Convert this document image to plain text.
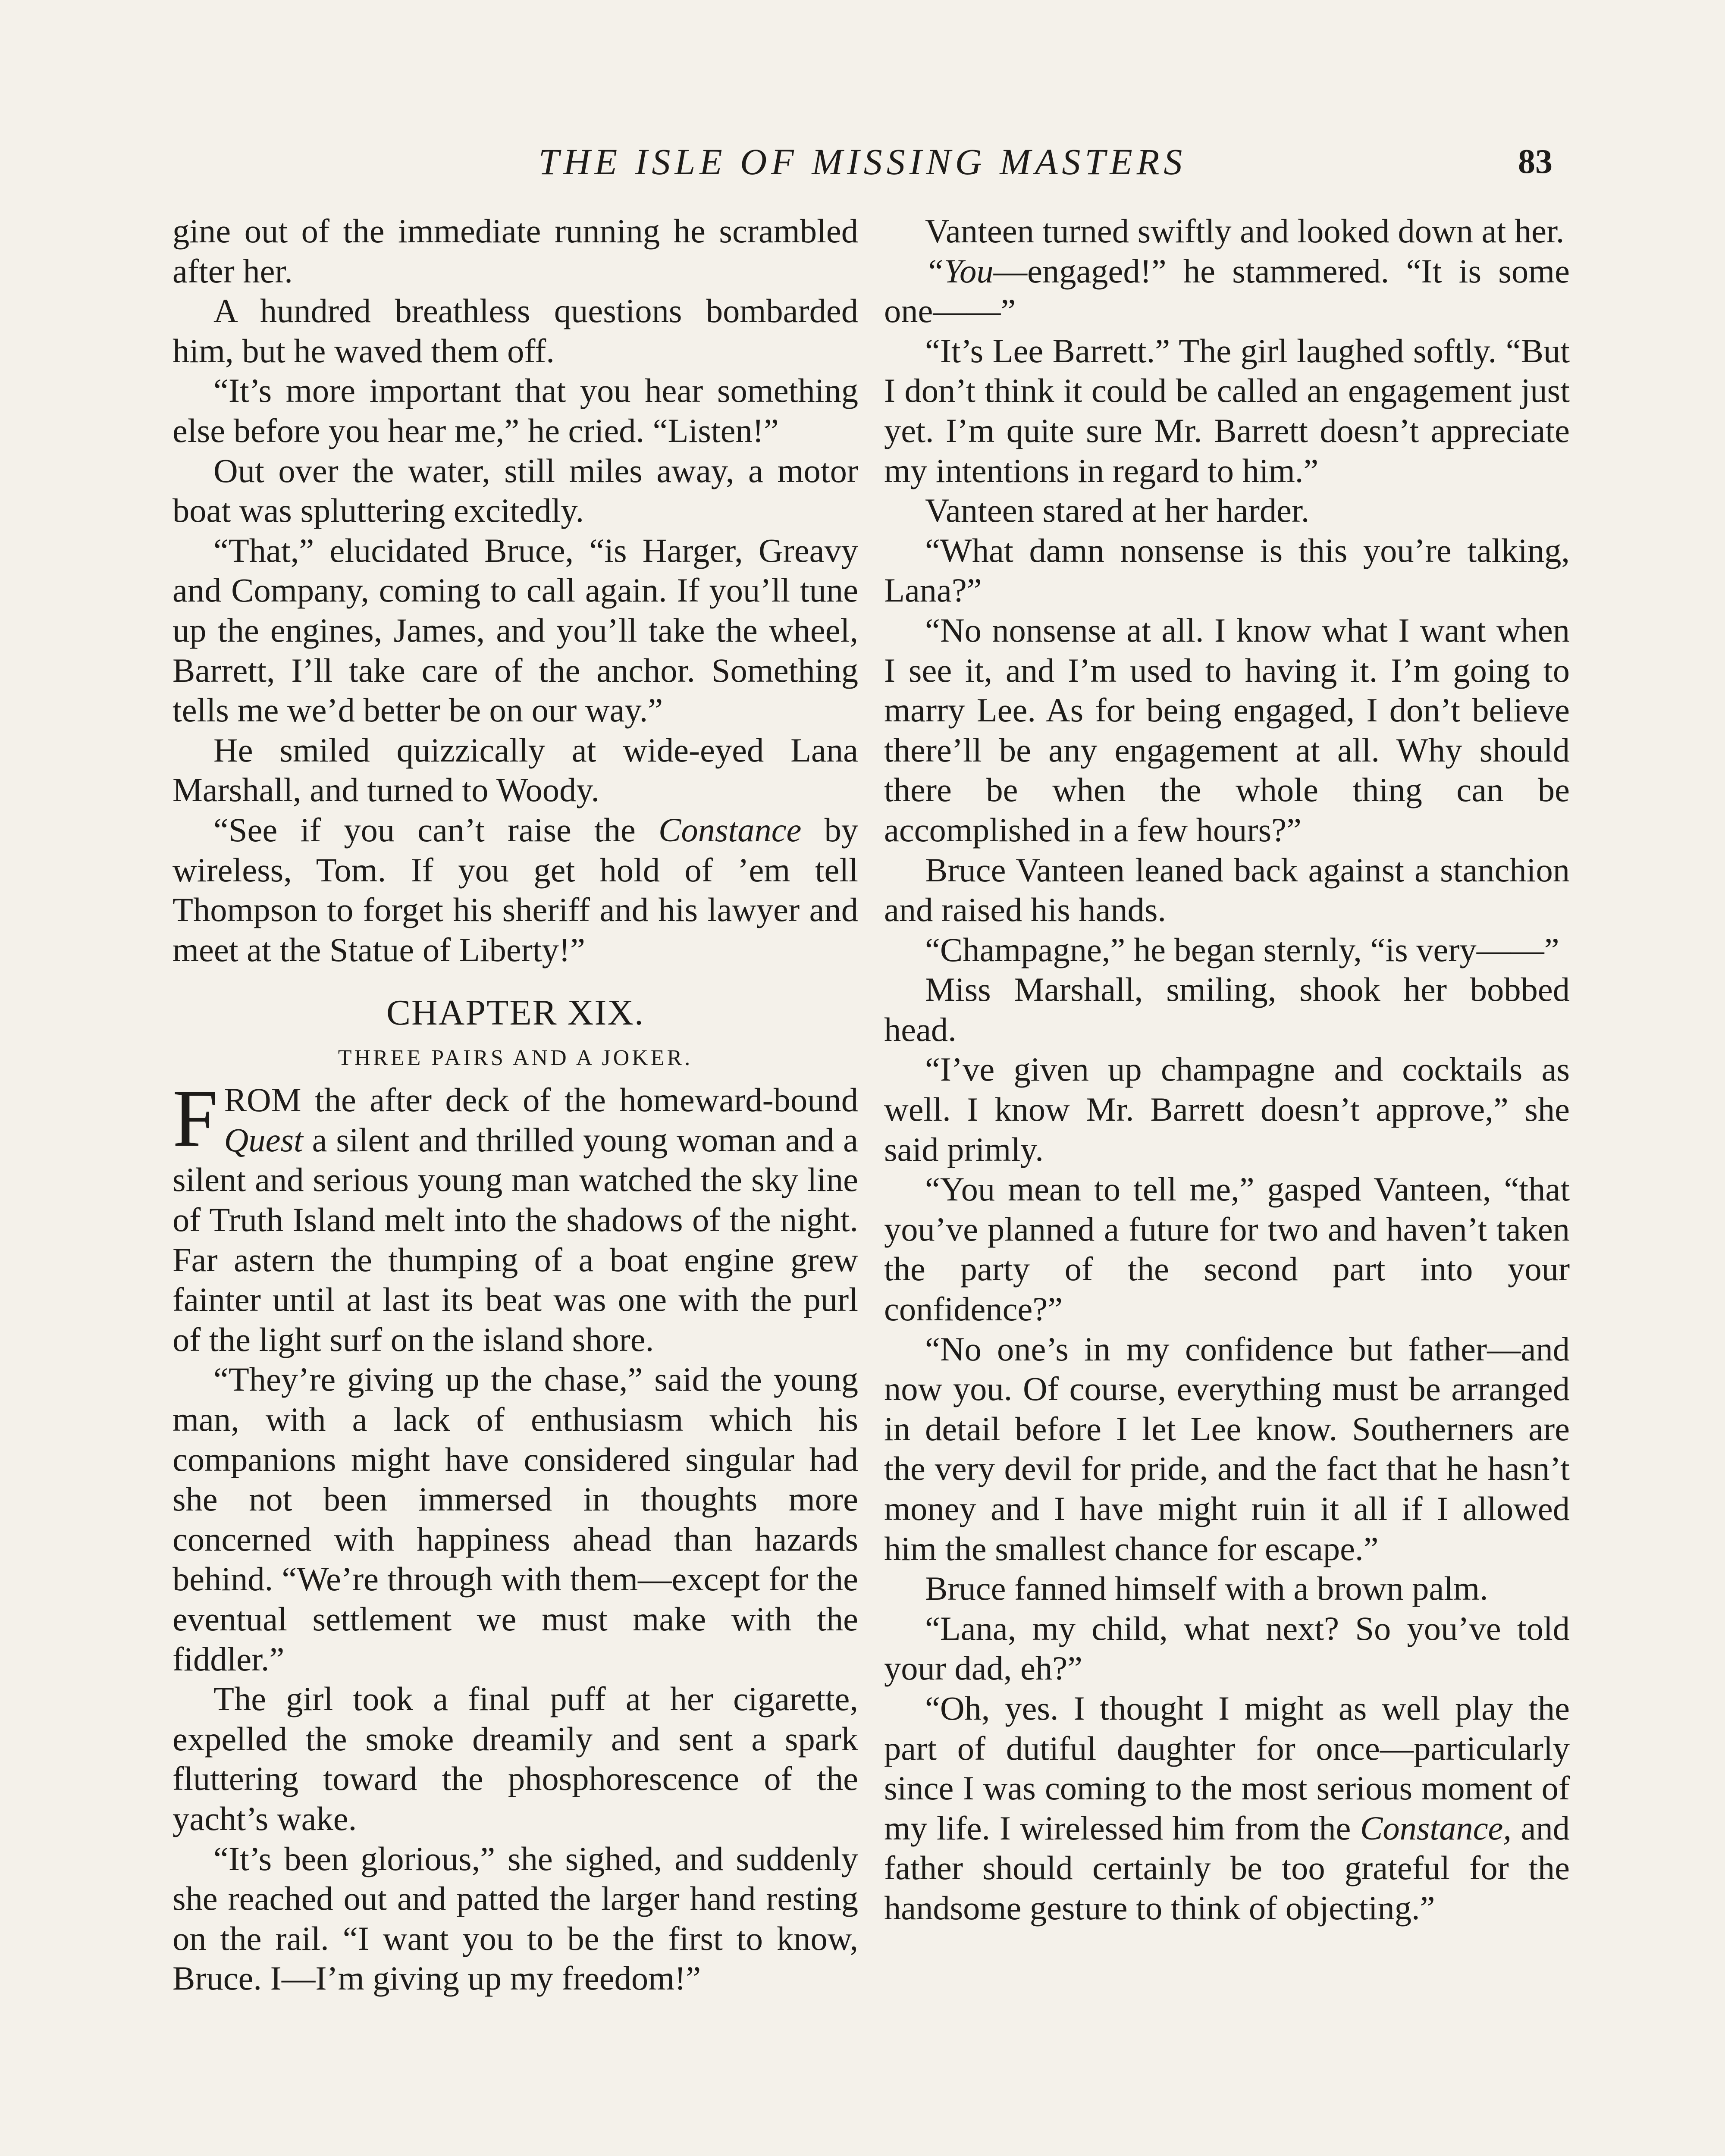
THE ISLE OF MISSING MASTERS	83

gine out of the immediate running he scrambled after her.

A hundred breathless questions bombarded him, but he waved them off.

“It’s more important that you hear something else before you hear me,” he cried. “Listen!”

Out over the water, still miles away, a motor boat was spluttering excitedly.

“That,” elucidated Bruce, “is Harger, Greavy and Company, coming to call again. If you’ll tune up the engines, James, and you’ll take the wheel, Barrett, I’ll take care of the anchor. Something tells me we’d better be on our way.”

He smiled quizzically at wide-eyed Lana Marshall, and turned to Woody.

“See if you can’t raise the Constance by wireless, Tom. If you get hold of ’em tell Thompson to forget his sheriff and his lawyer and meet at the Statue of Liberty!”

CHAPTER XIX.
THREE PAIRS AND A JOKER.

FROM the after deck of the homeward-bound Quest a silent and thrilled young woman and a silent and serious young man watched the sky line of Truth Island melt into the shadows of the night. Far astern the thumping of a boat engine grew fainter until at last its beat was one with the purl of the light surf on the island shore.

“They’re giving up the chase,” said the young man, with a lack of enthusiasm which his companions might have considered singular had she not been immersed in thoughts more concerned with happiness ahead than hazards behind. “We’re through with them—except for the eventual settlement we must make with the fiddler.”

The girl took a final puff at her cigarette, expelled the smoke dreamily and sent a spark fluttering toward the phosphorescence of the yacht’s wake.

“It’s been glorious,” she sighed, and suddenly she reached out and patted the larger hand resting on the rail. “I want you to be the first to know, Bruce. I—I’m giving up my freedom!”

Vanteen turned swiftly and looked down at her.

“You—engaged!” he stammered. “It is some one——”

“It’s Lee Barrett.” The girl laughed softly. “But I don’t think it could be called an engagement just yet. I’m quite sure Mr. Barrett doesn’t appreciate my intentions in regard to him.”

Vanteen stared at her harder.

“What damn nonsense is this you’re talking, Lana?”

“No nonsense at all. I know what I want when I see it, and I’m used to having it. I’m going to marry Lee. As for being engaged, I don’t believe there’ll be any engagement at all. Why should there be when the whole thing can be accomplished in a few hours?”

Bruce Vanteen leaned back against a stanchion and raised his hands.

“Champagne,” he began sternly, “is very——”

Miss Marshall, smiling, shook her bobbed head.

“I’ve given up champagne and cocktails as well. I know Mr. Barrett doesn’t approve,” she said primly.

“You mean to tell me,” gasped Vanteen, “that you’ve planned a future for two and haven’t taken the party of the second part into your confidence?”

“No one’s in my confidence but father—and now you. Of course, everything must be arranged in detail before I let Lee know. Southerners are the very devil for pride, and the fact that he hasn’t money and I have might ruin it all if I allowed him the smallest chance for escape.”

Bruce fanned himself with a brown palm.

“Lana, my child, what next? So you’ve told your dad, eh?”

“Oh, yes. I thought I might as well play the part of dutiful daughter for once—particularly since I was coming to the most serious moment of my life. I wirelessed him from the Constance, and father should certainly be too grateful for the handsome gesture to think of objecting.”
